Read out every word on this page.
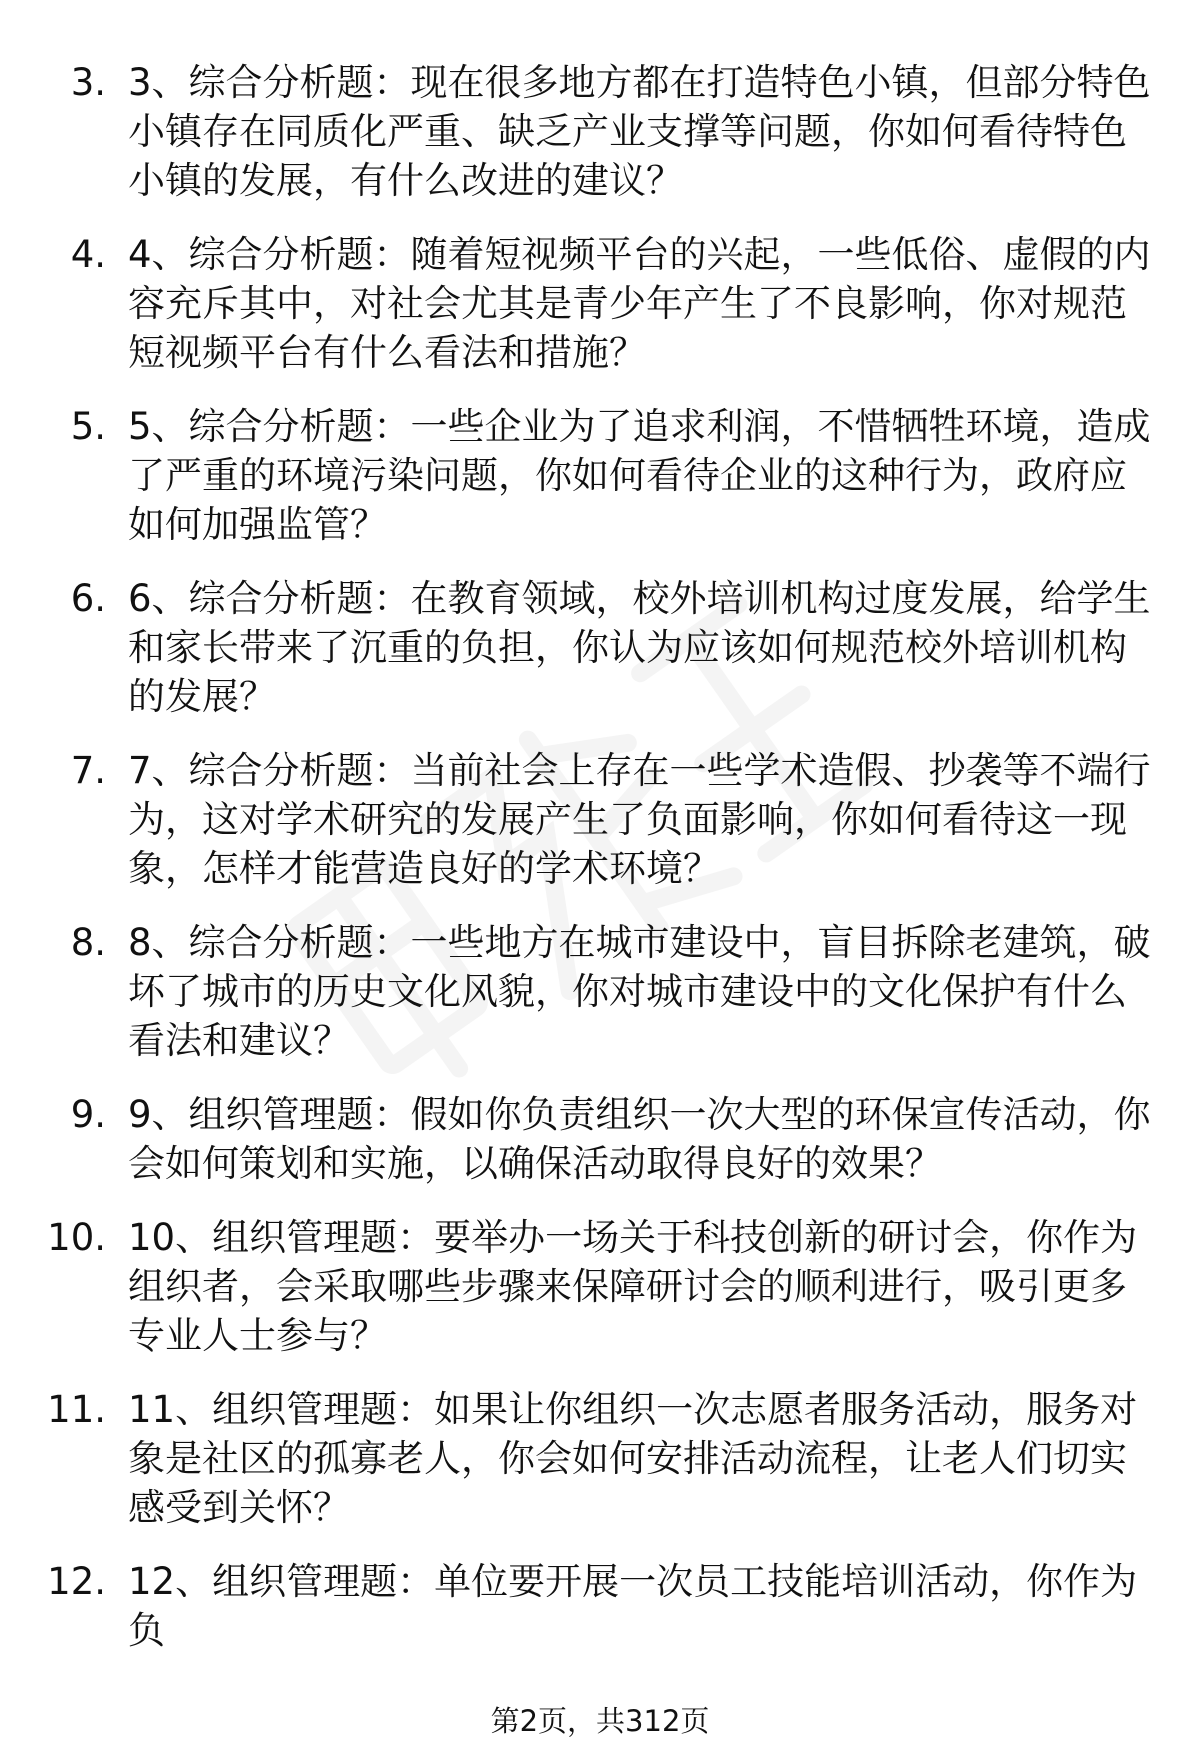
3. 3、综合分析题：现在很多地方都在打造特色小镇，但部分特色小镇存在同质化严重、缺乏产业支撑等问题，你如何看待特色小镇的发展，有什么改进的建议？
4. 4、综合分析题：随着短视频平台的兴起，一些低俗、虚假的内容充斥其中，对社会尤其是青少年产生了不良影响，你对规范短视频平台有什么看法和措施？
5. 5、综合分析题：一些企业为了追求利润，不惜牺牲环境，造成了严重的环境污染问题，你如何看待企业的这种行为，政府应如何加强监管？
6. 6、综合分析题：在教育领域，校外培训机构过度发展，给学生和家长带来了沉重的负担，你认为应该如何规范校外培训机构的发展？
7. 7、综合分析题：当前社会上存在一些学术造假、抄袭等不端行为，这对学术研究的发展产生了负面影响，你如何看待这一现象，怎样才能营造良好的学术环境？
8. 8、综合分析题：一些地方在城市建设中，盲目拆除老建筑，破坏了城市的历史文化风貌，你对城市建设中的文化保护有什么看法和建议？
9. 9、组织管理题：假如你负责组织一次大型的环保宣传活动，你会如何策划和实施，以确保活动取得良好的效果？
10. 10、组织管理题：要举办一场关于科技创新的研讨会，你作为组织者，会采取哪些步骤来保障研讨会的顺利进行，吸引更多专业人士参与？
11. 11、组织管理题：如果让你组织一次志愿者服务活动，服务对象是社区的孤寡老人，你会如何安排活动流程，让老人们切实感受到关怀？
12. 12、组织管理题：单位要开展一次员工技能培训活动，你作为负
第2页，共312页
